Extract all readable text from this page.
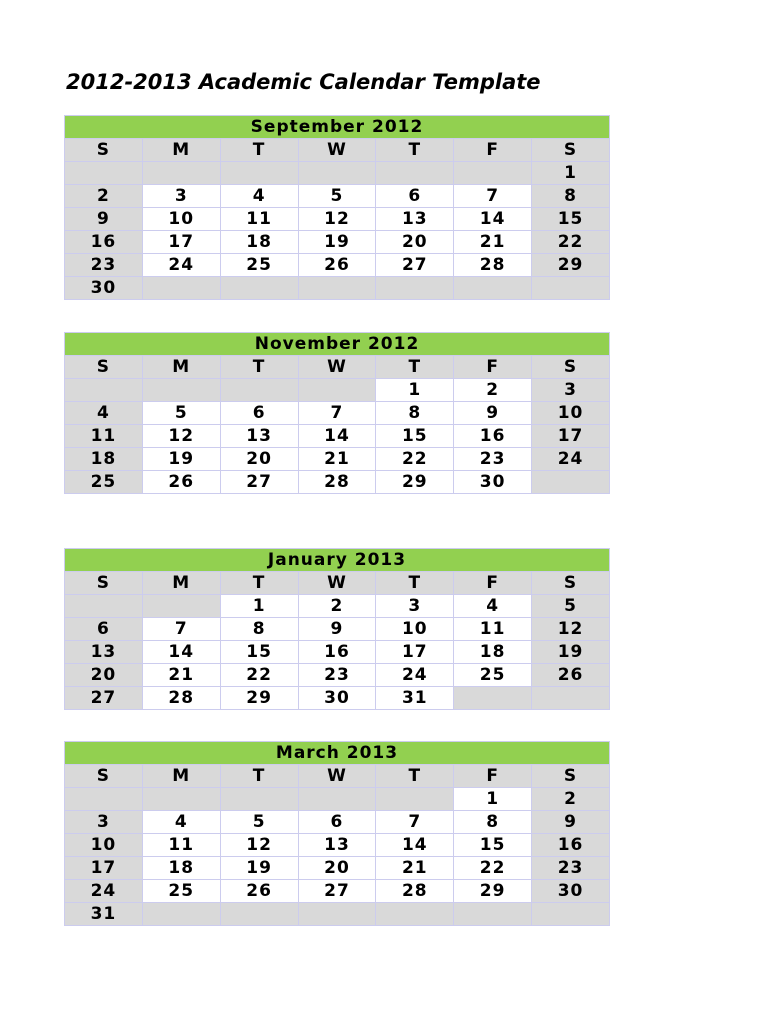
2012-2013 Academic Calendar Template
September 2012						
S	M	T	W	T	F	S
						1
2	3	4	5	6	7	8
9	10	11	12	13	14	15
16	17	18	19	20	21	22
23	24	25	26	27	28	29
30						
November 2012						
S	M	T	W	T	F	S
				1	2	3
4	5	6	7	8	9	10
11	12	13	14	15	16	17
18	19	20	21	22	23	24
25	26	27	28	29	30	
January 2013						
S	M	T	W	T	F	S
		1	2	3	4	5
6	7	8	9	10	11	12
13	14	15	16	17	18	19
20	21	22	23	24	25	26
27	28	29	30	31		
March 2013						
S	M	T	W	T	F	S
					1	2
3	4	5	6	7	8	9
10	11	12	13	14	15	16
17	18	19	20	21	22	23
24	25	26	27	28	29	30
31						
